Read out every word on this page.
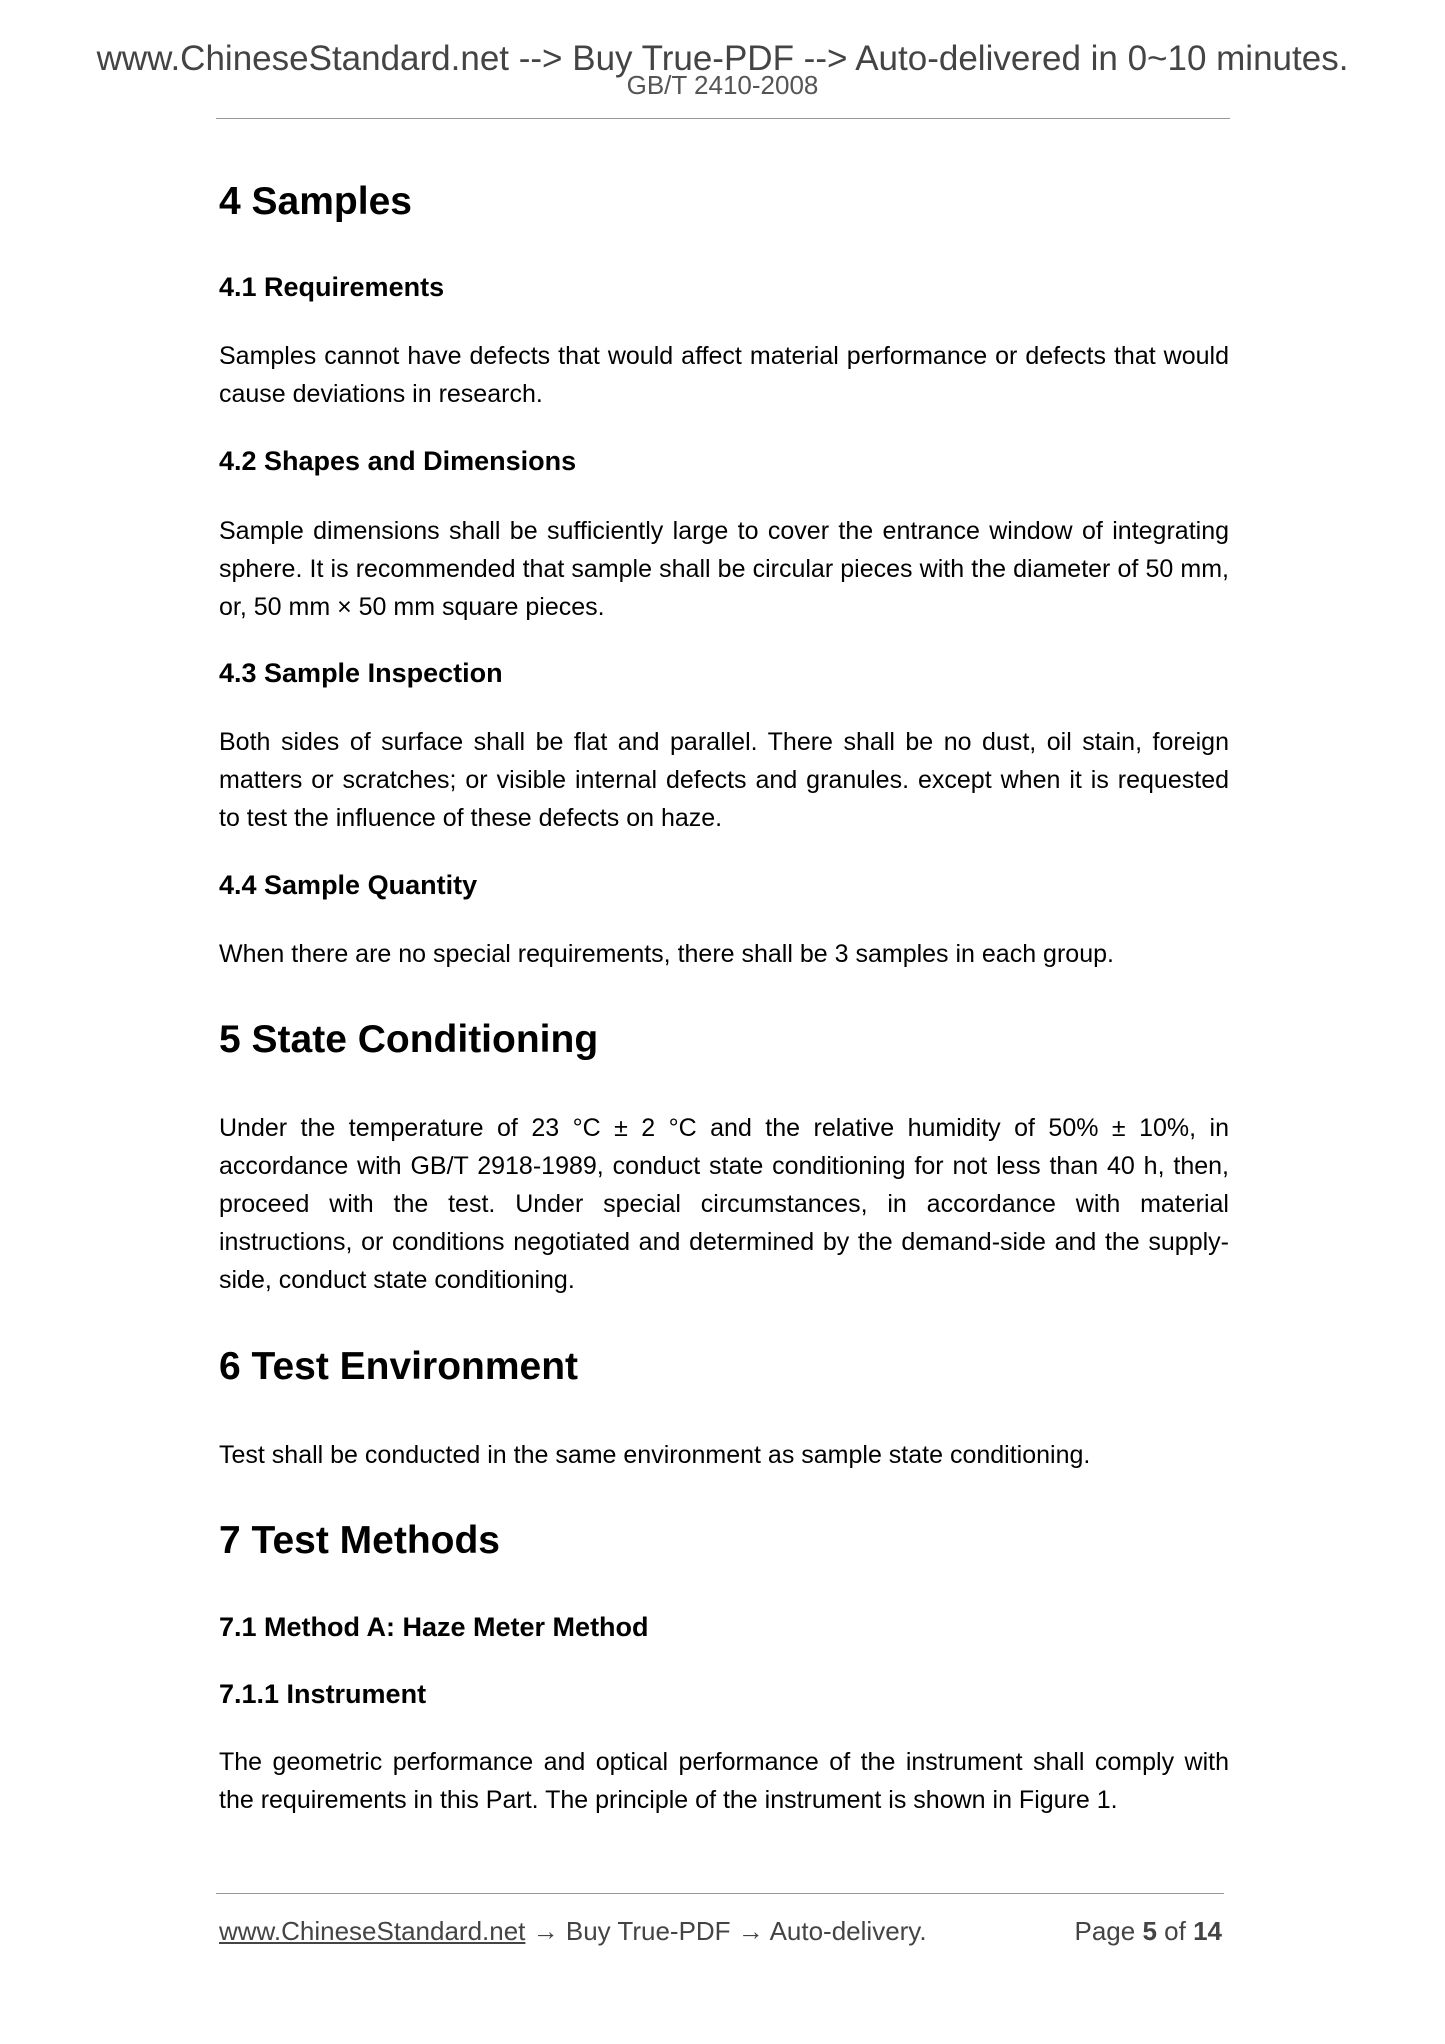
www.ChineseStandard.net --> Buy True-PDF --> Auto-delivered in 0~10 minutes.
GB/T 2410-2008
4 Samples
4.1 Requirements
Samples cannot have defects that would affect material performance or defects that would cause deviations in research.
4.2 Shapes and Dimensions
Sample dimensions shall be sufficiently large to cover the entrance window of integrating sphere. It is recommended that sample shall be circular pieces with the diameter of 50 mm, or, 50 mm × 50 mm square pieces.
4.3 Sample Inspection
Both sides of surface shall be flat and parallel. There shall be no dust, oil stain, foreign matters or scratches; or visible internal defects and granules. except when it is requested to test the influence of these defects on haze.
4.4 Sample Quantity
When there are no special requirements, there shall be 3 samples in each group.
5 State Conditioning
Under the temperature of 23 °C ± 2 °C and the relative humidity of 50% ± 10%, in accordance with GB/T 2918-1989, conduct state conditioning for not less than 40 h, then, proceed with the test. Under special circumstances, in accordance with material instructions, or conditions negotiated and determined by the demand-side and the supply-side, conduct state conditioning.
6 Test Environment
Test shall be conducted in the same environment as sample state conditioning.
7 Test Methods
7.1 Method A: Haze Meter Method
7.1.1 Instrument
The geometric performance and optical performance of the instrument shall comply with the requirements in this Part. The principle of the instrument is shown in Figure 1.
www.ChineseStandard.net → Buy True-PDF → Auto-delivery.	Page 5 of 14
